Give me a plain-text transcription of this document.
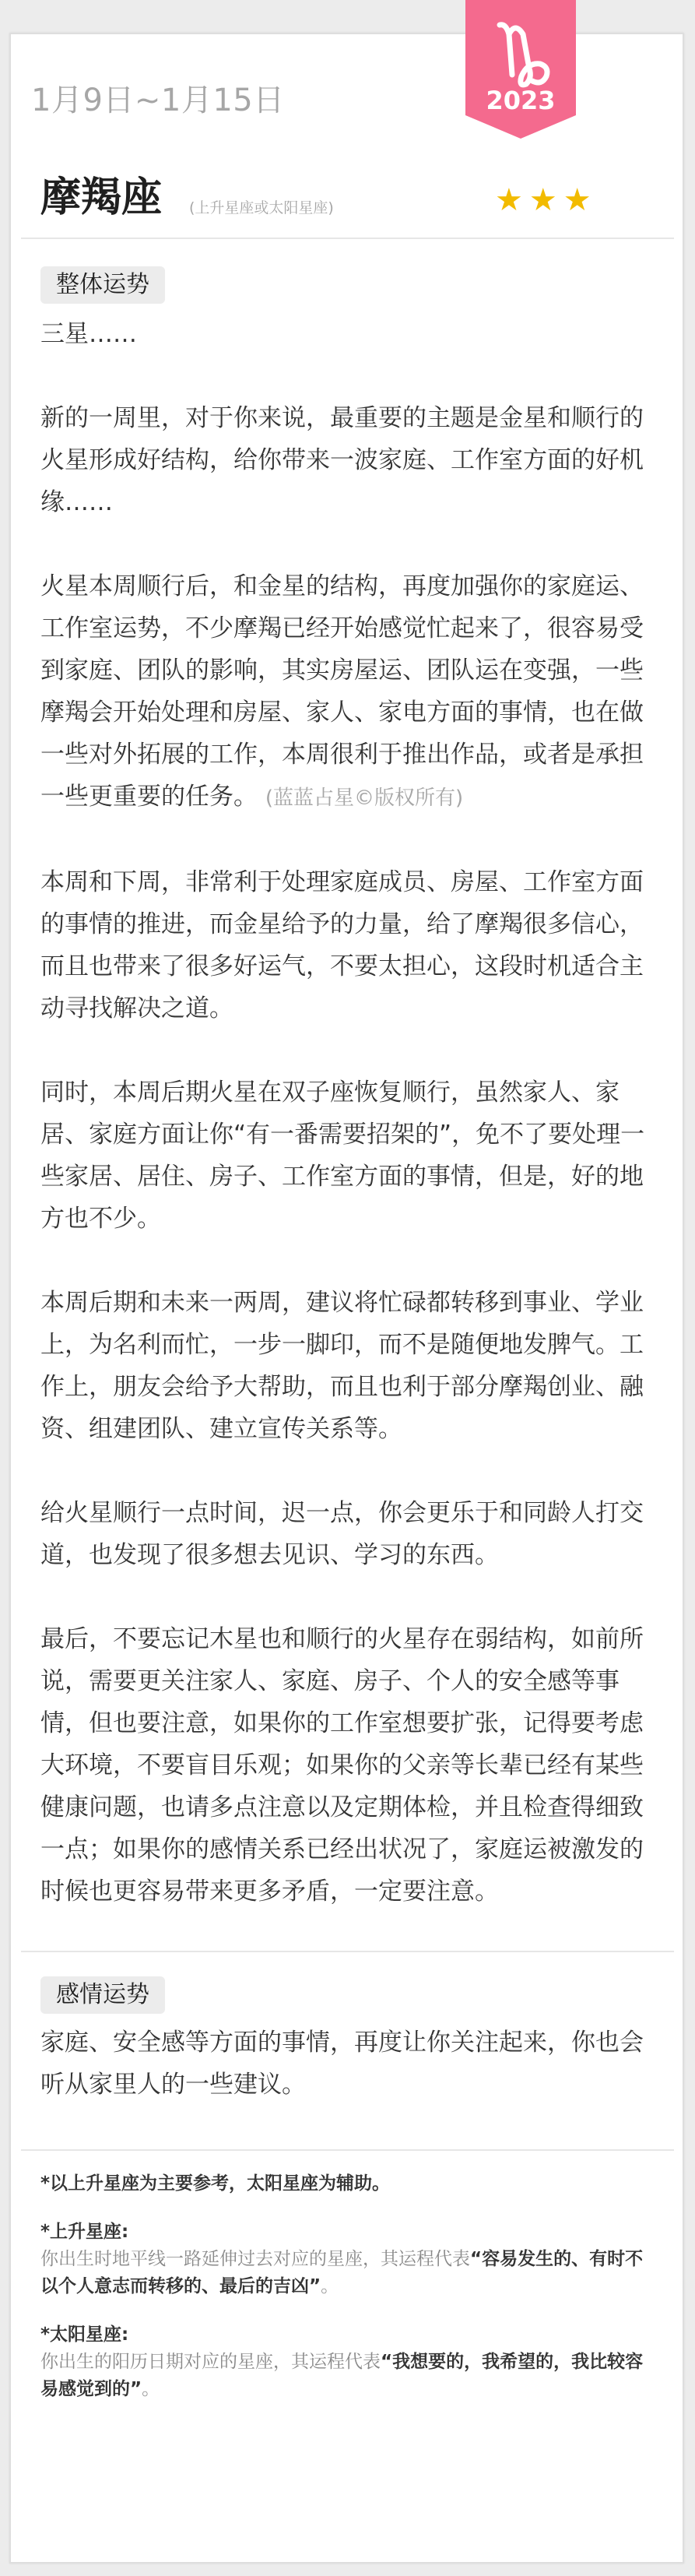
2023
1月9日~1月15日
摩羯座 (上升星座或太阳星座)	★ ★ ★
整体运势

三星……

新的一周里，对于你来说，最重要的主题是金星和顺行的火星形成好结构，给你带来一波家庭、工作室方面的好机缘……

火星本周顺行后，和金星的结构，再度加强你的家庭运、工作室运势，不少摩羯已经开始感觉忙起来了，很容易受到家庭、团队的影响，其实房屋运、团队运在变强，一些摩羯会开始处理和房屋、家人、家电方面的事情，也在做一些对外拓展的工作，本周很利于推出作品，或者是承担一些更重要的任务。 (蓝蓝占星©版权所有)

本周和下周，非常利于处理家庭成员、房屋、工作室方面的事情的推进，而金星给予的力量，给了摩羯很多信心，而且也带来了很多好运气，不要太担心，这段时机适合主动寻找解决之道。

同时，本周后期火星在双子座恢复顺行，虽然家人、家居、家庭方面让你“有一番需要招架的”，免不了要处理一些家居、居住、房子、工作室方面的事情，但是，好的地方也不少。

本周后期和未来一两周，建议将忙碌都转移到事业、学业上，为名利而忙，一步一脚印，而不是随便地发脾气。工作上，朋友会给予大帮助，而且也利于部分摩羯创业、融资、组建团队、建立宣传关系等。

给火星顺行一点时间，迟一点，你会更乐于和同龄人打交道，也发现了很多想去见识、学习的东西。

最后，不要忘记木星也和顺行的火星存在弱结构，如前所说，需要更关注家人、家庭、房子、个人的安全感等事情，但也要注意，如果你的工作室想要扩张，记得要考虑大环境，不要盲目乐观；如果你的父亲等长辈已经有某些健康问题，也请多点注意以及定期体检，并且检查得细致一点；如果你的感情关系已经出状况了，家庭运被激发的时候也更容易带来更多矛盾，一定要注意。

感情运势

家庭、安全感等方面的事情，再度让你关注起来，你也会听从家里人的一些建议。

*以上升星座为主要参考，太阳星座为辅助。
*上升星座:
你出生时地平线一路延伸过去对应的星座，其运程代表“容易发生的、有时不以个人意志而转移的、最后的吉凶”。
*太阳星座:
你出生的阳历日期对应的星座，其运程代表“我想要的，我希望的，我比较容易感觉到的”。
